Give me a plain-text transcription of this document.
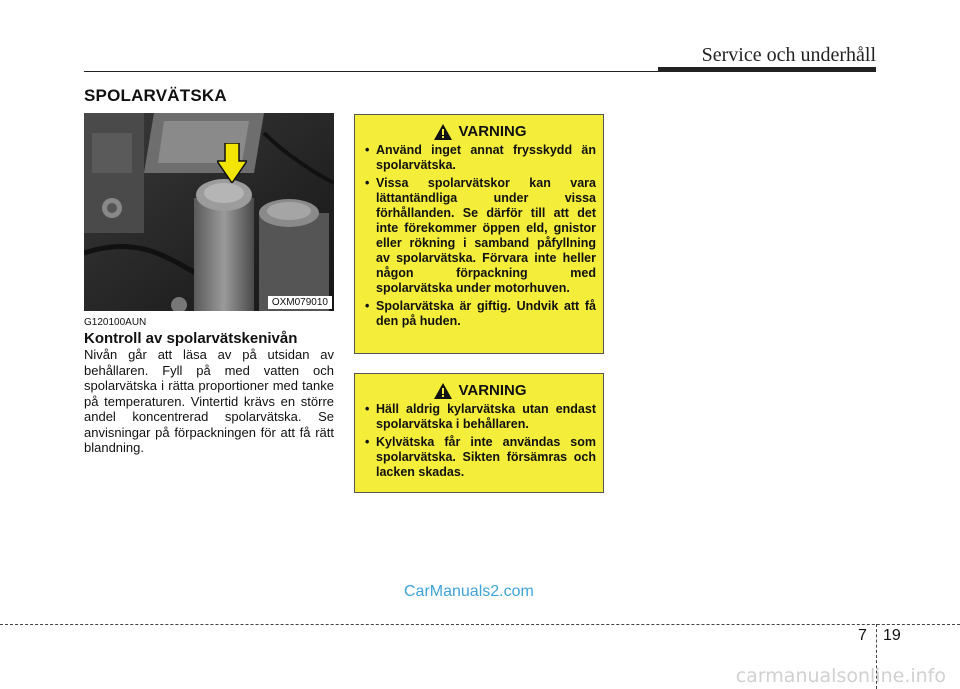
Service och underhåll
SPOLARVÄTSKA
OXM079010
G120100AUN
Kontroll av spolarvätskenivån
Nivån går att läsa av på utsidan av behållaren. Fyll på med vatten och spolarvätska i rätta proportioner med tanke på temperaturen. Vintertid krävs en större andel koncentrerad spolarvätska. Se anvisningar på förpackningen för att få rätt blandning.
VARNING
• Använd inget annat frysskydd än spolarvätska.
• Vissa spolarvätskor kan vara lättantändliga under vissa förhållanden. Se därför till att det inte förekommer öppen eld, gnistor eller rökning i samband påfyllning av spolarvätska. Förvara inte heller någon förpackning med spolarvätska under motorhuven.
• Spolarvätska är giftig. Undvik att få den på huden.
VARNING
• Häll aldrig kylarvätska utan endast spolarvätska i behållaren.
• Kylvätska får inte användas som spolarvätska. Sikten försämras och lacken skadas.
CarManuals2.com
7 19
carmanualsonline.info
